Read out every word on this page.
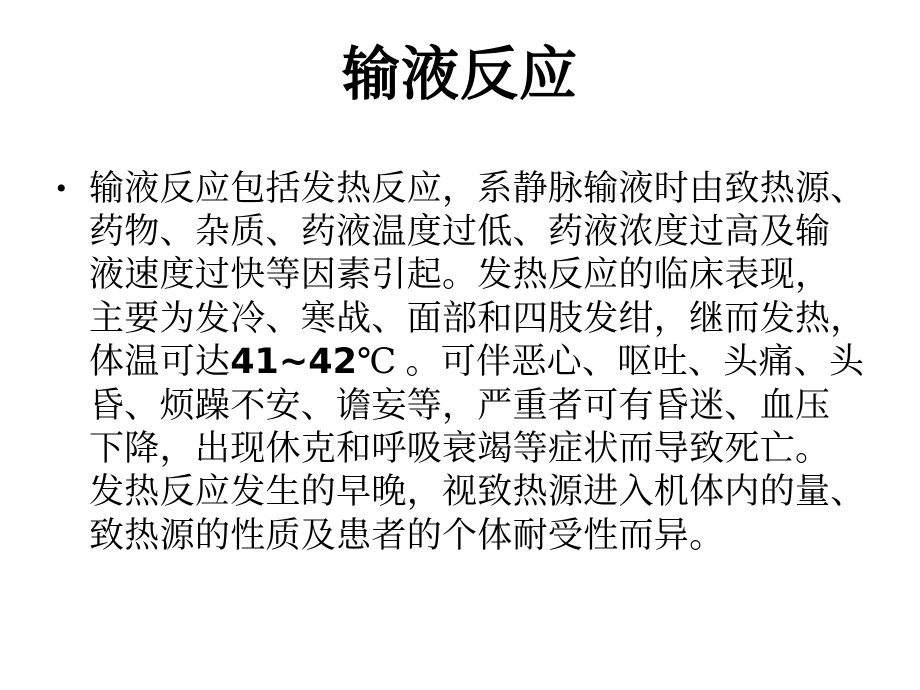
输液反应
• 输液反应包括发热反应，系静脉输液时由致热源、
药物、杂质、药液温度过低、药液浓度过高及输
液速度过快等因素引起。发热反应的临床表现，
主要为发冷、寒战、面部和四肢发绀，继而发热，
体温可达41~42℃ 。可伴恶心、呕吐、头痛、头
昏、烦躁不安、谵妄等，严重者可有昏迷、血压
下降，出现休克和呼吸衰竭等症状而导致死亡。
发热反应发生的早晚，视致热源进入机体内的量、
致热源的性质及患者的个体耐受性而异。
